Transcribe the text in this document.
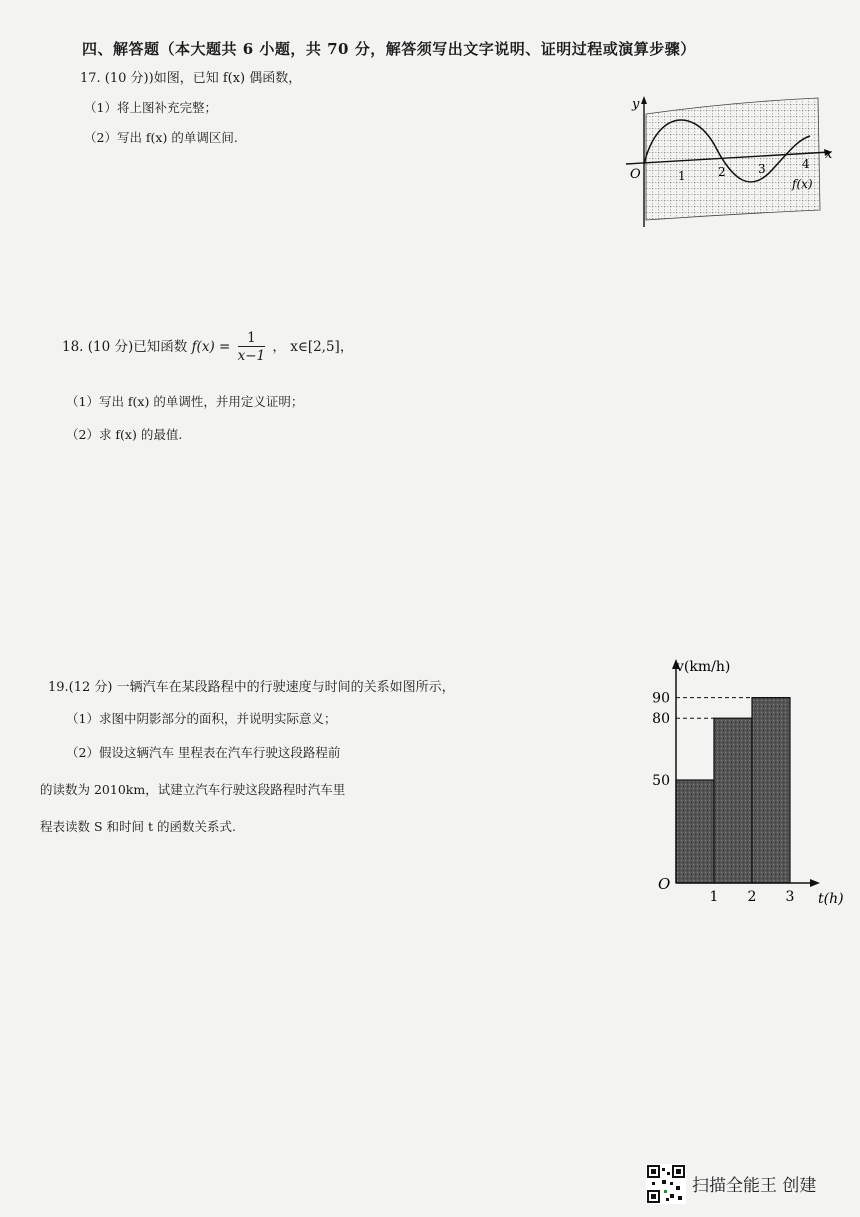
四、解答题（本大题共 6 小题，共 70 分，解答须写出文字说明、证明过程或演算步骤）
17. (10 分))如图，已知 f(x) 偶函数，
（1）将上图补充完整；
（2）写出 f(x) 的单调区间.
y
x
O	1	2	3	4
f(x)
18. (10 分)已知函数 $f(x) = \frac{1}{x-1}$ ， x∈[2,5]，
（1）写出 f(x) 的单调性，并用定义证明；
（2）求 f(x) 的最值.
19.(12 分) 一辆汽车在某段路程中的行驶速度与时间的关系如图所示，
（1）求图中阴影部分的面积，并说明实际意义；
（2）假设这辆汽车 里程表在汽车行驶这段路程前
的读数为 2010km，试建立汽车行驶这段路程时汽车里
程表读数 S 和时间 t 的函数关系式.
50
80
90
v(km/h)
t(h)
O
1 2 3
扫描全能王 创建
